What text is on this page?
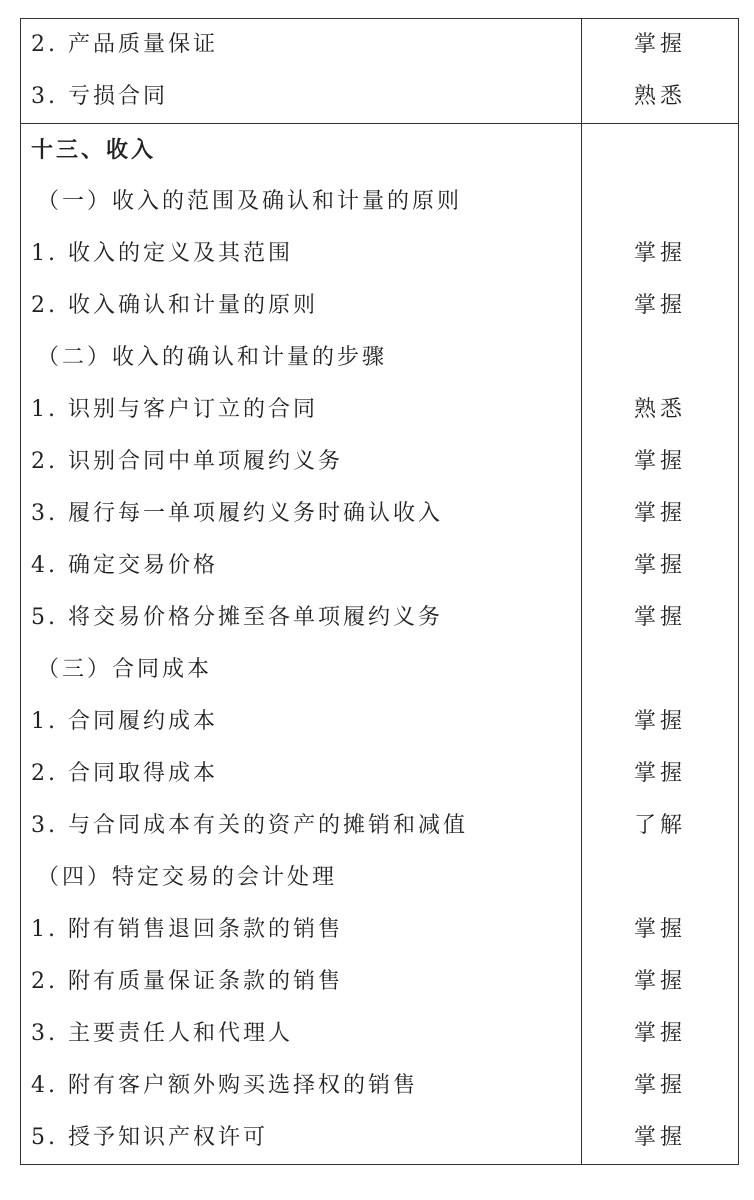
2. 产品质量保证	掌握
3. 亏损合同	熟悉
十三、收入	
（一）收入的范围及确认和计量的原则	
1. 收入的定义及其范围	掌握
2. 收入确认和计量的原则	掌握
（二）收入的确认和计量的步骤	
1. 识别与客户订立的合同	熟悉
2. 识别合同中单项履约义务	掌握
3. 履行每一单项履约义务时确认收入	掌握
4. 确定交易价格	掌握
5. 将交易价格分摊至各单项履约义务	掌握
（三）合同成本	
1. 合同履约成本	掌握
2. 合同取得成本	掌握
3. 与合同成本有关的资产的摊销和减值	了解
（四）特定交易的会计处理	
1. 附有销售退回条款的销售	掌握
2. 附有质量保证条款的销售	掌握
3. 主要责任人和代理人	掌握
4. 附有客户额外购买选择权的销售	掌握
5. 授予知识产权许可	掌握
